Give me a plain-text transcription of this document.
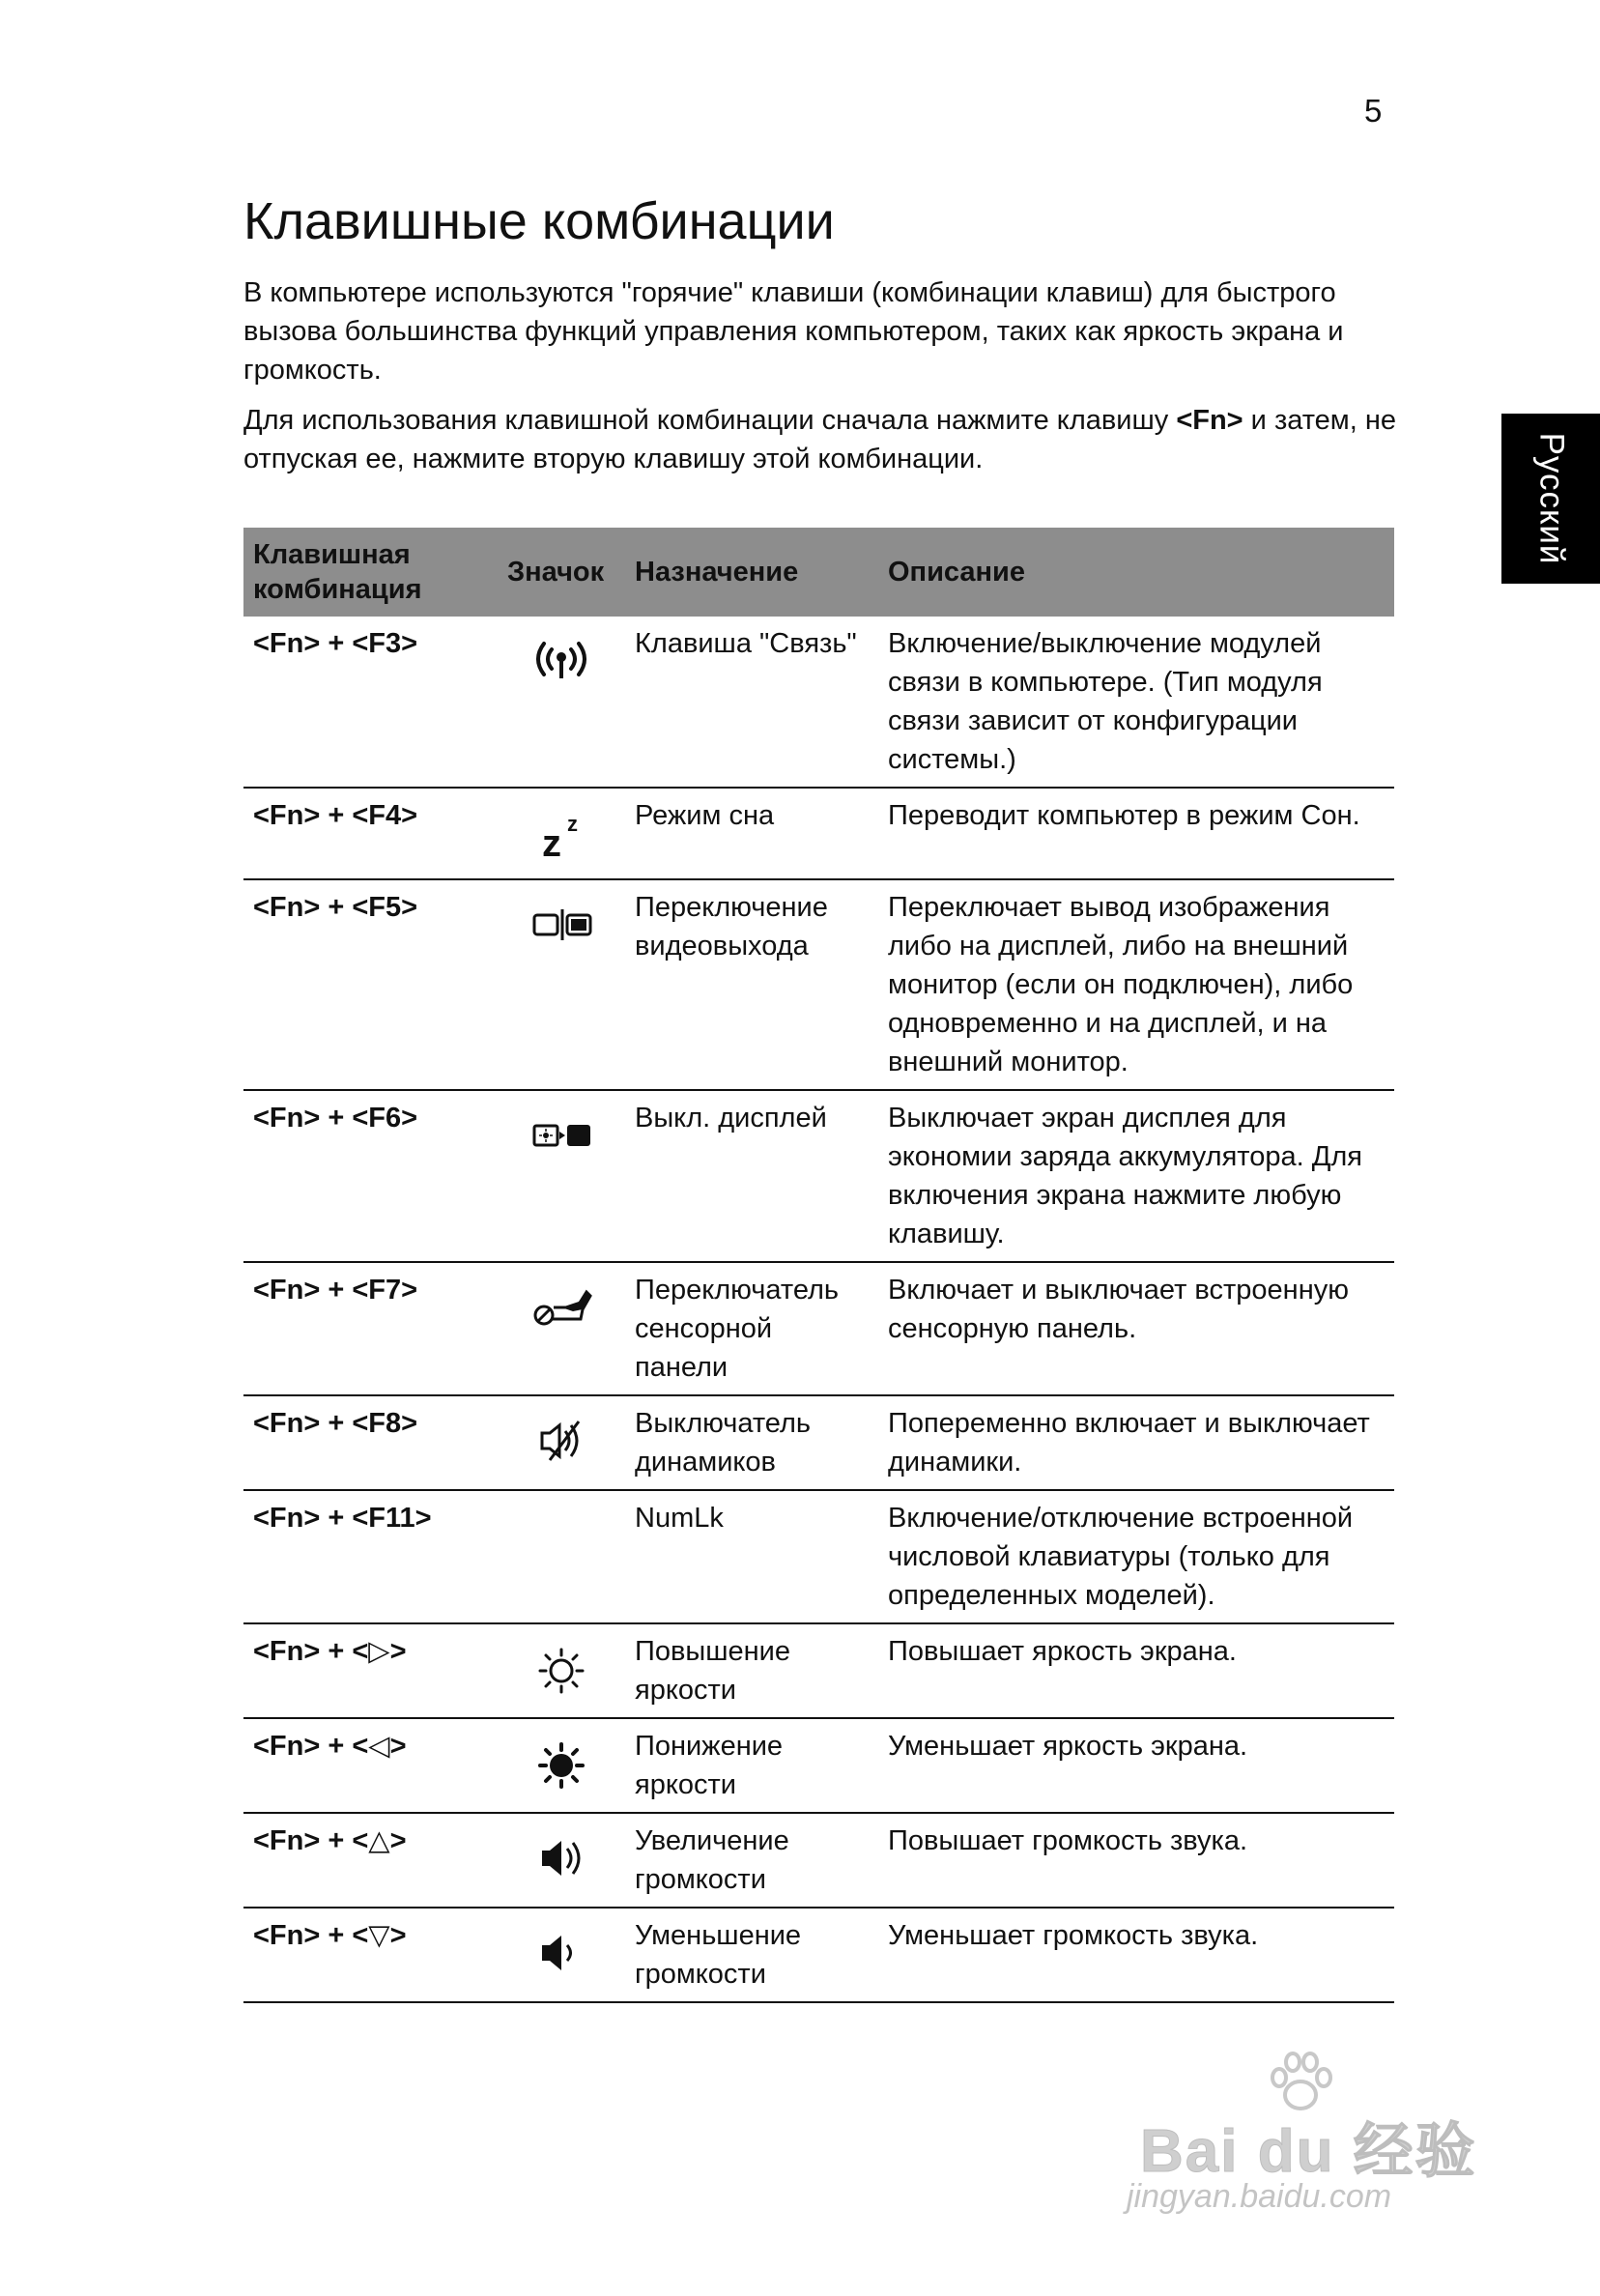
5
Русский
Клавишные комбинации

В компьютере используются "горячие" клавиши (комбинации клавиш) для быстрого вызова большинства функций управления компьютером, таких как яркость экрана и громкость.

Для использования клавишной комбинации сначала нажмите клавишу <Fn> и затем, не отпуская ее, нажмите вторую клавишу этой комбинации.

Клавишная комбинация	Значок	Назначение	Описание
<Fn> + <F3>		Клавиша "Связь"	Включение/выключение модулей связи в компьютере. (Тип модуля связи зависит от конфигурации системы.)
<Fn> + <F4>	z z	Режим сна	Переводит компьютер в режим Сон.
<Fn> + <F5>		Переключение видеовыхода	Переключает вывод изображения либо на дисплей, либо на внешний монитор (если он подключен), либо одновременно и на дисплей, и на внешний монитор.
<Fn> + <F6>		Выкл. дисплей	Выключает экран дисплея для экономии заряда аккумулятора. Для включения экрана нажмите любую клавишу.
<Fn> + <F7>		Переключатель сенсорной панели	Включает и выключает встроенную сенсорную панель.
<Fn> + <F8>		Выключатель динамиков	Попеременно включает и выключает динамики.
<Fn> + <F11>		NumLk	Включение/отключение встроенной числовой клавиатуры (только для определенных моделей).
<Fn> + <▷>		Повышение яркости	Повышает яркость экрана.
<Fn> + <◁>		Понижение яркости	Уменьшает яркость экрана.
<Fn> + <△>		Увеличение громкости	Повышает громкость звука.
<Fn> + <▽>		Уменьшение громкости	Уменьшает громкость звука.
Bai du 经验
jingyan.baidu.com
